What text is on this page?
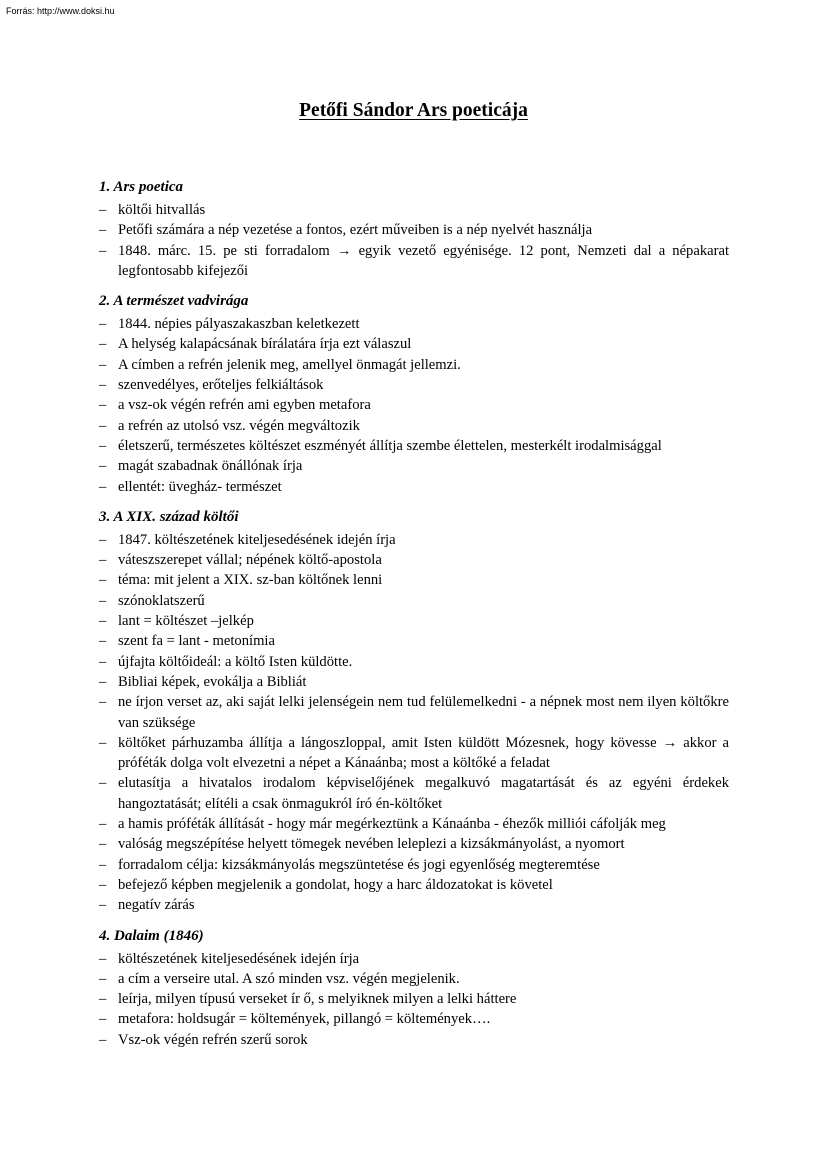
Forrás: http://www.doksi.hu
Petőfi Sándor Ars poeticája
1. Ars poetica
– költői hitvallás
– Petőfi számára a nép vezetése a fontos, ezért műveiben is a nép nyelvét használja
– 1848. márc. 15. pe sti forradalom → egyik vezető egyénisége. 12 pont, Nemzeti dal a népakarat legfontosabb kifejezői
2. A természet vadvirága
– 1844. népies pályaszakaszban keletkezett
– A helység kalapácsának bírálatára írja ezt válaszul
– A címben a refrén jelenik meg, amellyel önmagát jellemzi.
– szenvedélyes, erőteljes felkiáltások
– a vsz-ok végén refrén ami egyben metafora
– a refrén az utolsó vsz. végén megváltozik
– életszerű, természetes költészet eszményét állítja szembe élettelen, mesterkélt irodalmisággal
– magát szabadnak önállónak írja
– ellentét: üvegház- természet
3. A XIX. század költői
– 1847. költészetének kiteljesedésének idején írja
– váteszszerepet vállal; népének költő-apostola
– téma: mit jelent a XIX. sz-ban költőnek lenni
– szónoklatszerű
– lant = költészet –jelkép
– szent fa = lant - metonímia
– újfajta költőideál: a költő Isten küldötte.
– Bibliai képek, evokálja a Bibliát
– ne írjon verset az, aki saját lelki jelenségein nem tud felülemelkedni - a népnek most nem ilyen költőkre van szüksége
– költőket párhuzamba állítja a lángoszloppal, amit Isten küldött Mózesnek, hogy kövesse → akkor a próféták dolga volt elvezetni a népet a Kánaánba; most a költőké a feladat
– elutasítja a hivatalos irodalom képviselőjének megalkuvó magatartását és az egyéni érdekek hangoztatását; elítéli a csak önmagukról író én-költőket
– a hamis próféták állítását - hogy már megérkeztünk a Kánaánba - éhezők milliói cáfolják meg
– valóság megszépítése helyett tömegek nevében leleplezi a kizsákmányolást, a nyomort
– forradalom célja: kizsákmányolás megszüntetése és jogi egyenlőség megteremtése
– befejező képben megjelenik a gondolat, hogy a harc áldozatokat is követel
– negatív zárás
4. Dalaim (1846)
– költészetének kiteljesedésének idején írja
– a cím a verseire utal. A szó minden vsz. végén megjelenik.
– leírja, milyen típusú verseket ír ő, s melyiknek milyen a lelki háttere
– metafora: holdsugár = költemények, pillangó = költemények….
– Vsz-ok végén refrén szerű sorok
